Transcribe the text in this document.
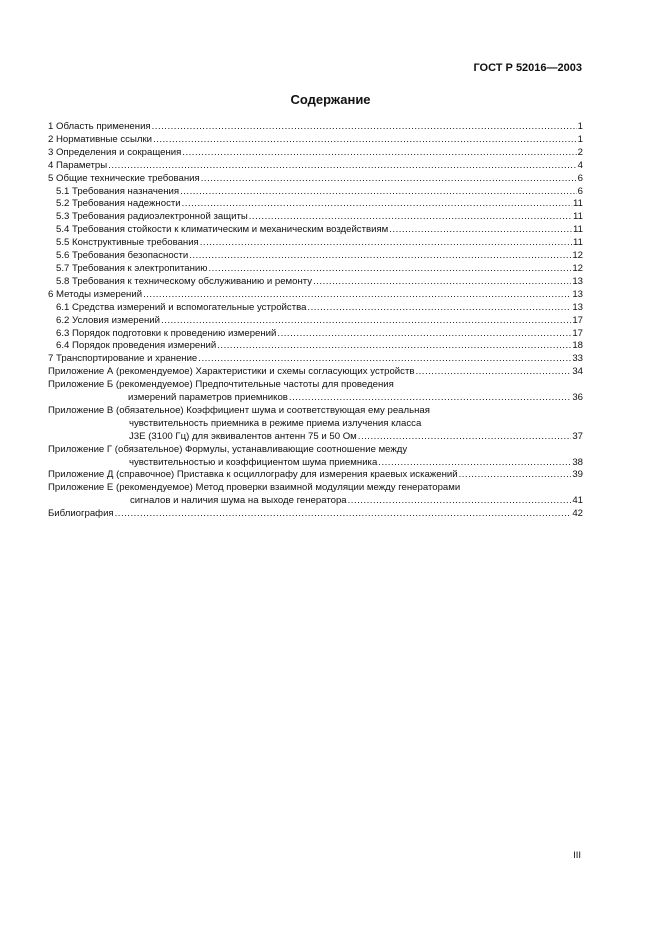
ГОСТ Р 52016—2003
Содержание
1 Область применения .....	1
2 Нормативные ссылки .....	1
3 Определения и сокращения .....	2
4 Параметры .....	4
5 Общие технические требования .....	6
5.1 Требования назначения .....	6
5.2 Требования надежности .....	11
5.3 Требования радиоэлектронной защиты .....	11
5.4 Требования стойкости к климатическим и механическим воздействиям .....	11
5.5 Конструктивные требования .....	11
5.6 Требования безопасности .....	12
5.7 Требования к электропитанию .....	12
5.8 Требования к техническому обслуживанию и ремонту .....	13
6 Методы измерений .....	13
6.1 Средства измерений и вспомогательные устройства .....	13
6.2 Условия измерений .....	17
6.3 Порядок подготовки к проведению измерений .....	17
6.4 Порядок проведения измерений .....	18
7 Транспортирование и хранение .....	33
Приложение А (рекомендуемое) Характеристики и схемы согласующих устройств .....	34
Приложение Б (рекомендуемое) Предпочтительные частоты для проведения
измерений параметров приемников .....	36
Приложение В (обязательное) Коэффициент шума и соответствующая ему реальная
чувствительность приемника в режиме приема излучения класса
J3E (3100 Гц) для эквивалентов антенн 75 и 50 Ом .....	37
Приложение Г (обязательное) Формулы, устанавливающие соотношение между
чувствительностью и коэффициентом шума приемника .....	38
Приложение Д (справочное) Приставка к осциллографу для измерения краевых искажений .....	39
Приложение Е (рекомендуемое) Метод проверки взаимной модуляции между генераторами
сигналов и наличия шума на выходе генератора .....	41
Библиография .....	42
III
